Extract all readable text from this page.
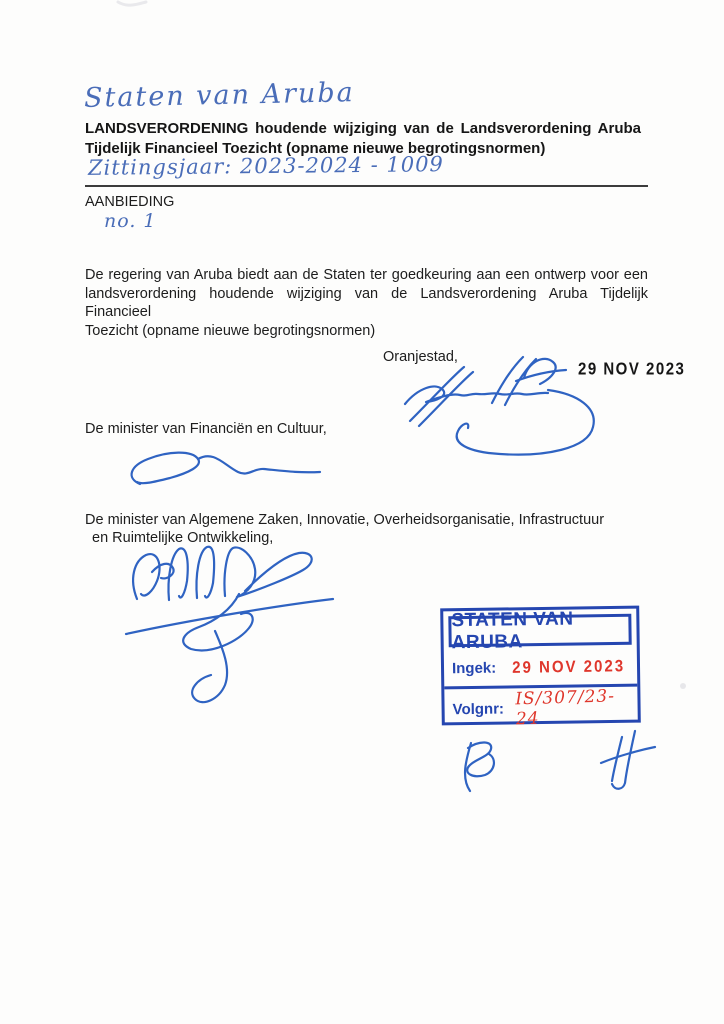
Staten van Aruba
LANDSVERORDENING houdende wijziging van de Landsverordening Aruba
Tijdelijk Financieel Toezicht (opname nieuwe begrotingsnormen)
Zittingsjaar: 2023-2024 - 1009
AANBIEDING
no. 1
De regering van Aruba biedt aan de Staten ter goedkeuring aan een ontwerp voor een
landsverordening houdende wijziging van de Landsverordening Aruba Tijdelijk Financieel
Toezicht (opname nieuwe begrotingsnormen)
Oranjestad,
29 NOV 2023
De minister van Financiën en Cultuur,
De minister van Algemene Zaken, Innovatie, Overheidsorganisatie, Infrastructuur
en Ruimtelijke Ontwikkeling,
STATEN VAN ARUBA
Ingek: 29 NOV 2023
Volgnr: IS/307/23-24
